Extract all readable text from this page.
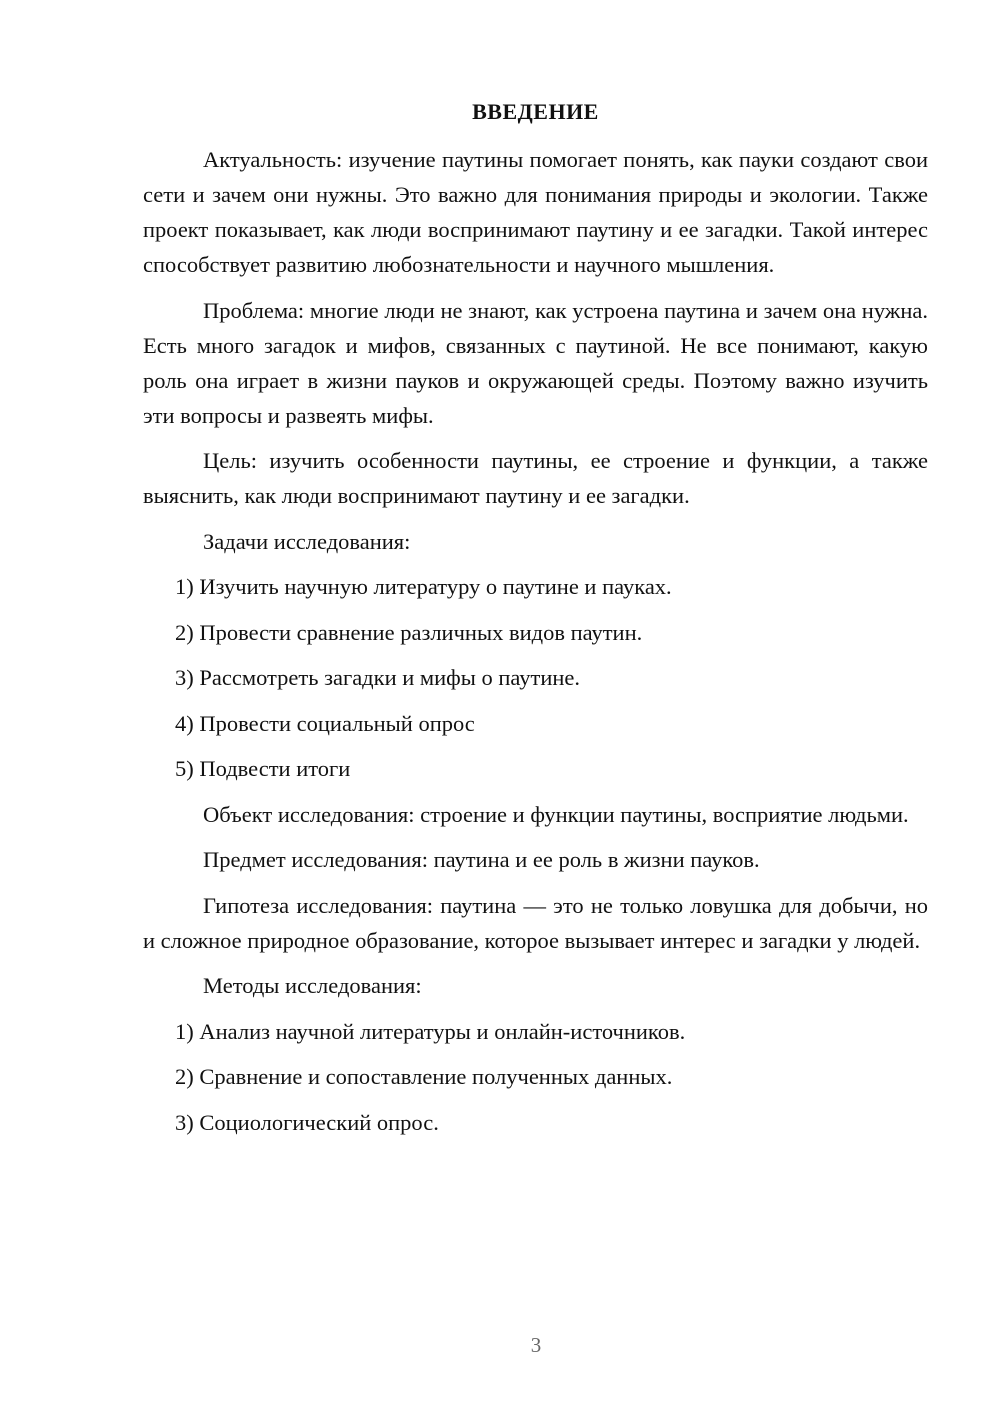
ВВЕДЕНИЕ

Актуальность: изучение паутины помогает понять, как пауки создают свои сети и зачем они нужны. Это важно для понимания природы и экологии. Также проект показывает, как люди воспринимают паутину и ее загадки. Такой интерес способствует развитию любознательности и научного мышления.

Проблема: многие люди не знают, как устроена паутина и зачем она нужна. Есть много загадок и мифов, связанных с паутиной. Не все понимают, какую роль она играет в жизни пауков и окружающей среды. Поэтому важно изучить эти вопросы и развеять мифы.

Цель: изучить особенности паутины, ее строение и функции, а также выяснить, как люди воспринимают паутину и ее загадки.

Задачи исследования:

1) Изучить научную литературу о паутине и пауках.

2) Провести сравнение различных видов паутин.

3) Рассмотреть загадки и мифы о паутине.

4) Провести социальный опрос

5) Подвести итоги

Объект исследования: строение и функции паутины, восприятие людьми.

Предмет исследования: паутина и ее роль в жизни пауков.

Гипотеза исследования: паутина — это не только ловушка для добычи, но и сложное природное образование, которое вызывает интерес и загадки у людей.

Методы исследования:

1) Анализ научной литературы и онлайн-источников.

2) Сравнение и сопоставление полученных данных.

3) Социологический опрос.

3
